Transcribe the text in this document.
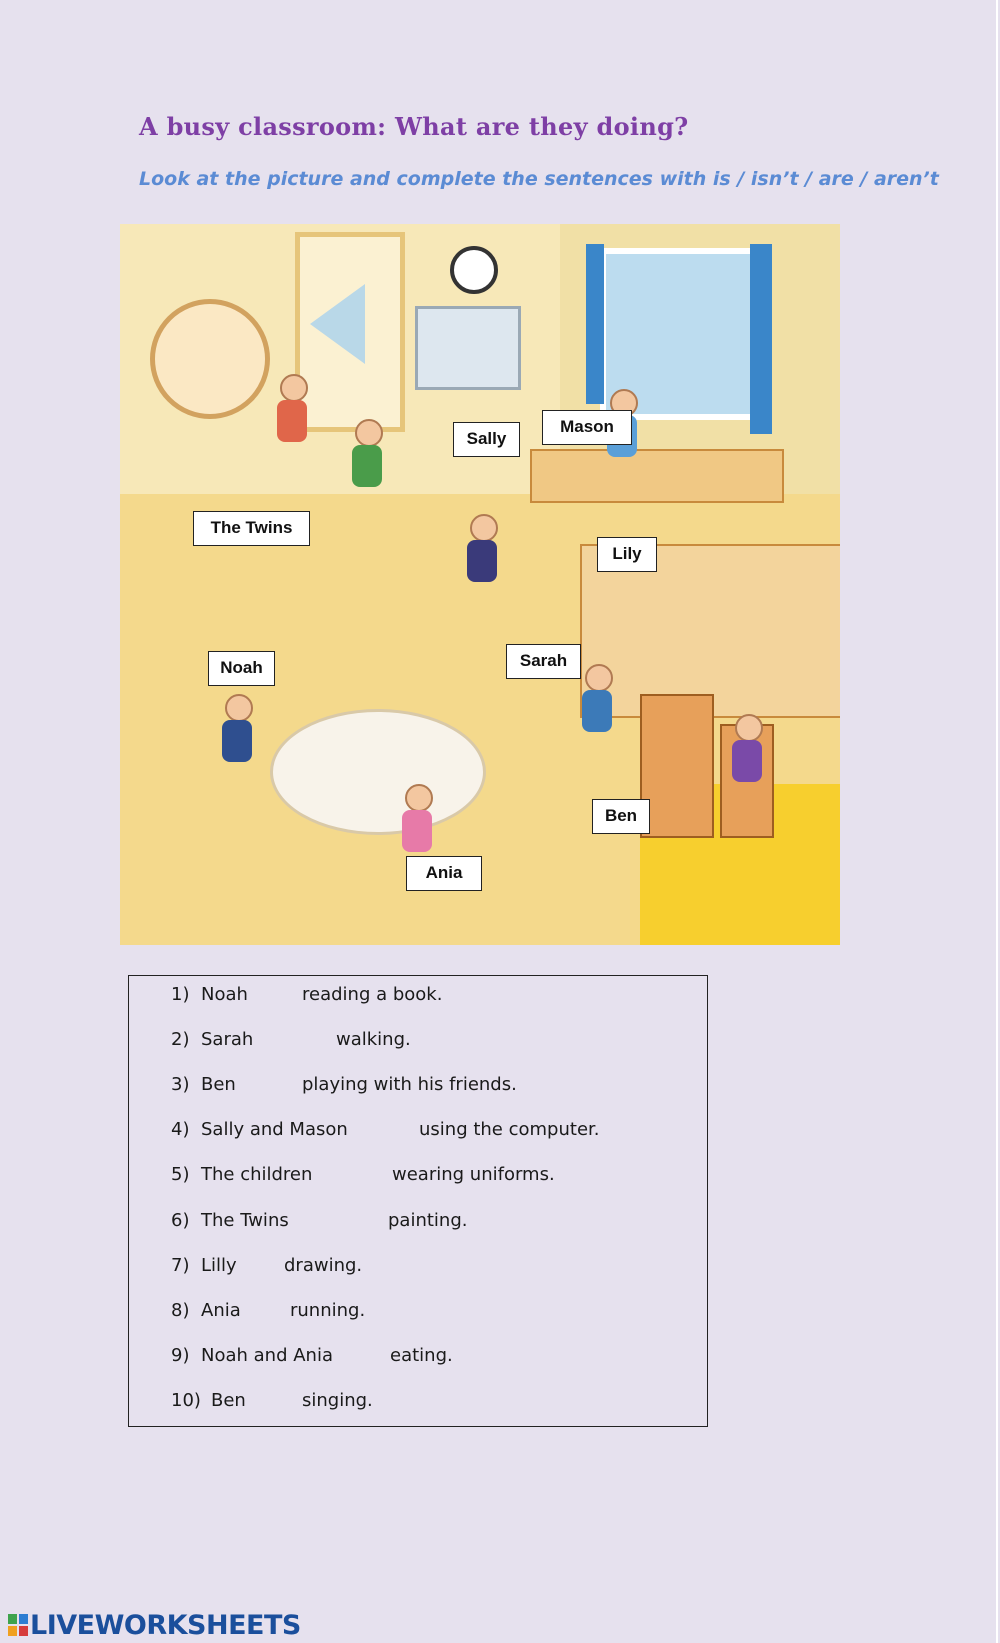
A busy classroom: What are they doing?
Look at the picture and complete the sentences with is / isn’t / are / aren’t
Sally
Mason
The Twins
Lily
Noah	Sarah
Ben
Ania
1) Noah	reading a book.
2) Sarah	walking.
3) Ben	playing with his friends.
4) Sally and Mason	using the computer.
5) The children	wearing uniforms.
6) The Twins	painting.
7) Lilly	drawing.
8) Ania	running.
9) Noah and Ania	eating.
10) Ben	singing.
LIVEWORKSHEETS
